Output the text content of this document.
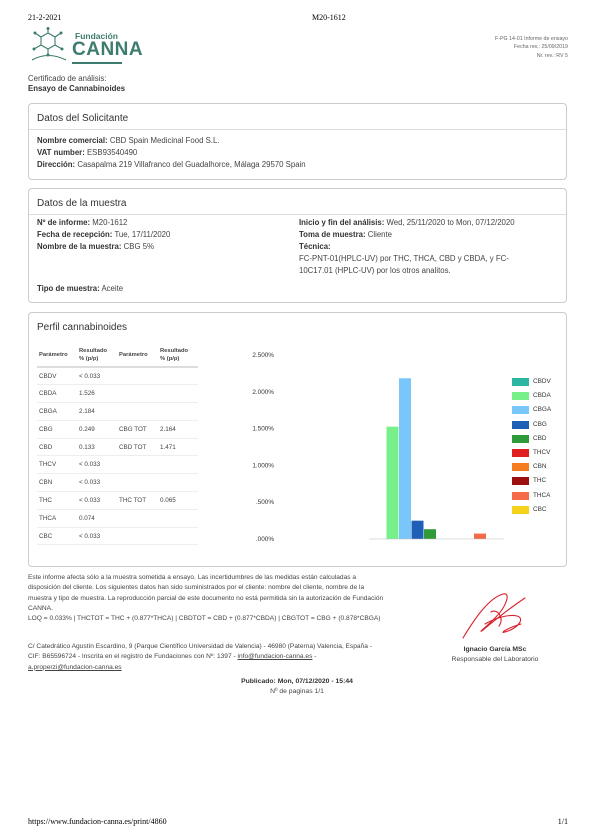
21-2-2021	M20-1612
Fundación
CANNA	F-PG 14-01 Informe de ensayo
Fecha rev.: 25/09/2019
Nr. rev.: RV 5
Certificado de análisis:
Ensayo de Cannabinoides
Datos del Solicitante
Nombre comercial: CBD Spain Medicinal Food S.L.
VAT number: ESB93540490
Dirección: Casapalma 219 Villafranco del Guadalhorce, Málaga 29570 Spain
Datos de la muestra
Nº de informe: M20-1612
Fecha de recepción: Tue, 17/11/2020
Nombre de la muestra: CBG 5%
Inicio y fin del análisis: Wed, 25/11/2020 to Mon, 07/12/2020
Toma de muestra: Cliente
Técnica:
FC-PNT-01(HPLC-UV) por THC, THCA, CBD y CBDA, y FC-
10C17.01 (HPLC-UV) por los otros analitos.
Tipo de muestra: Aceite
Perfil cannabinoides
Parámetro	Resultado
% (p/p)	Parámetro	Resultado
% (p/p)
CBDV	< 0.033		
CBDA	1.526		
CBGA	2.184		
CBG	0.249	CBG TOT	2.164
CBD	0.133	CBD TOT	1.471
THCV	< 0.033		
CBN	< 0.033		
THC	< 0.033	THC TOT	0.065
THCA	0.074		
CBC	< 0.033			.000%
.500%
1.000%
1.500%
2.000%
2.500%
CBDV
CBDA
CBGA
CBG
CBD
THCV
CBN
THC
THCA
CBC
Este informe afecta sólo a la muestra sometida a ensayo. Las incertidumbres de las medidas están calculadas a
disposición del cliente. Los siguientes datos han sido suministrados por el cliente: nombre del cliente, nombre de la
muestra y tipo de muestra. La reproducción parcial de este documento no está permitida sin la autorización de Fundación
CANNA.
LOQ = 0.033% | THCTOT = THC + (0.877*THCA) | CBDTOT = CBD + (0.877*CBDA) | CBGTOT = CBG + (0.878*CBGA)
Ignacio García MSc
Responsable del Laboratorio
C/ Catedrático Agustín Escardino, 9 (Parque Científico Universidad de Valencia) - 46980 (Paterna) Valencia, España -
CIF: B65596724 - Inscrita en el registro de Fundaciones con Nº: 1397 - info@fundacion-canna.es -
a.properzi@fundacion-canna.es
Publicado: Mon, 07/12/2020 - 15:44
Nº de paginas 1/1
https://www.fundacion-canna.es/print/4860	1/1
